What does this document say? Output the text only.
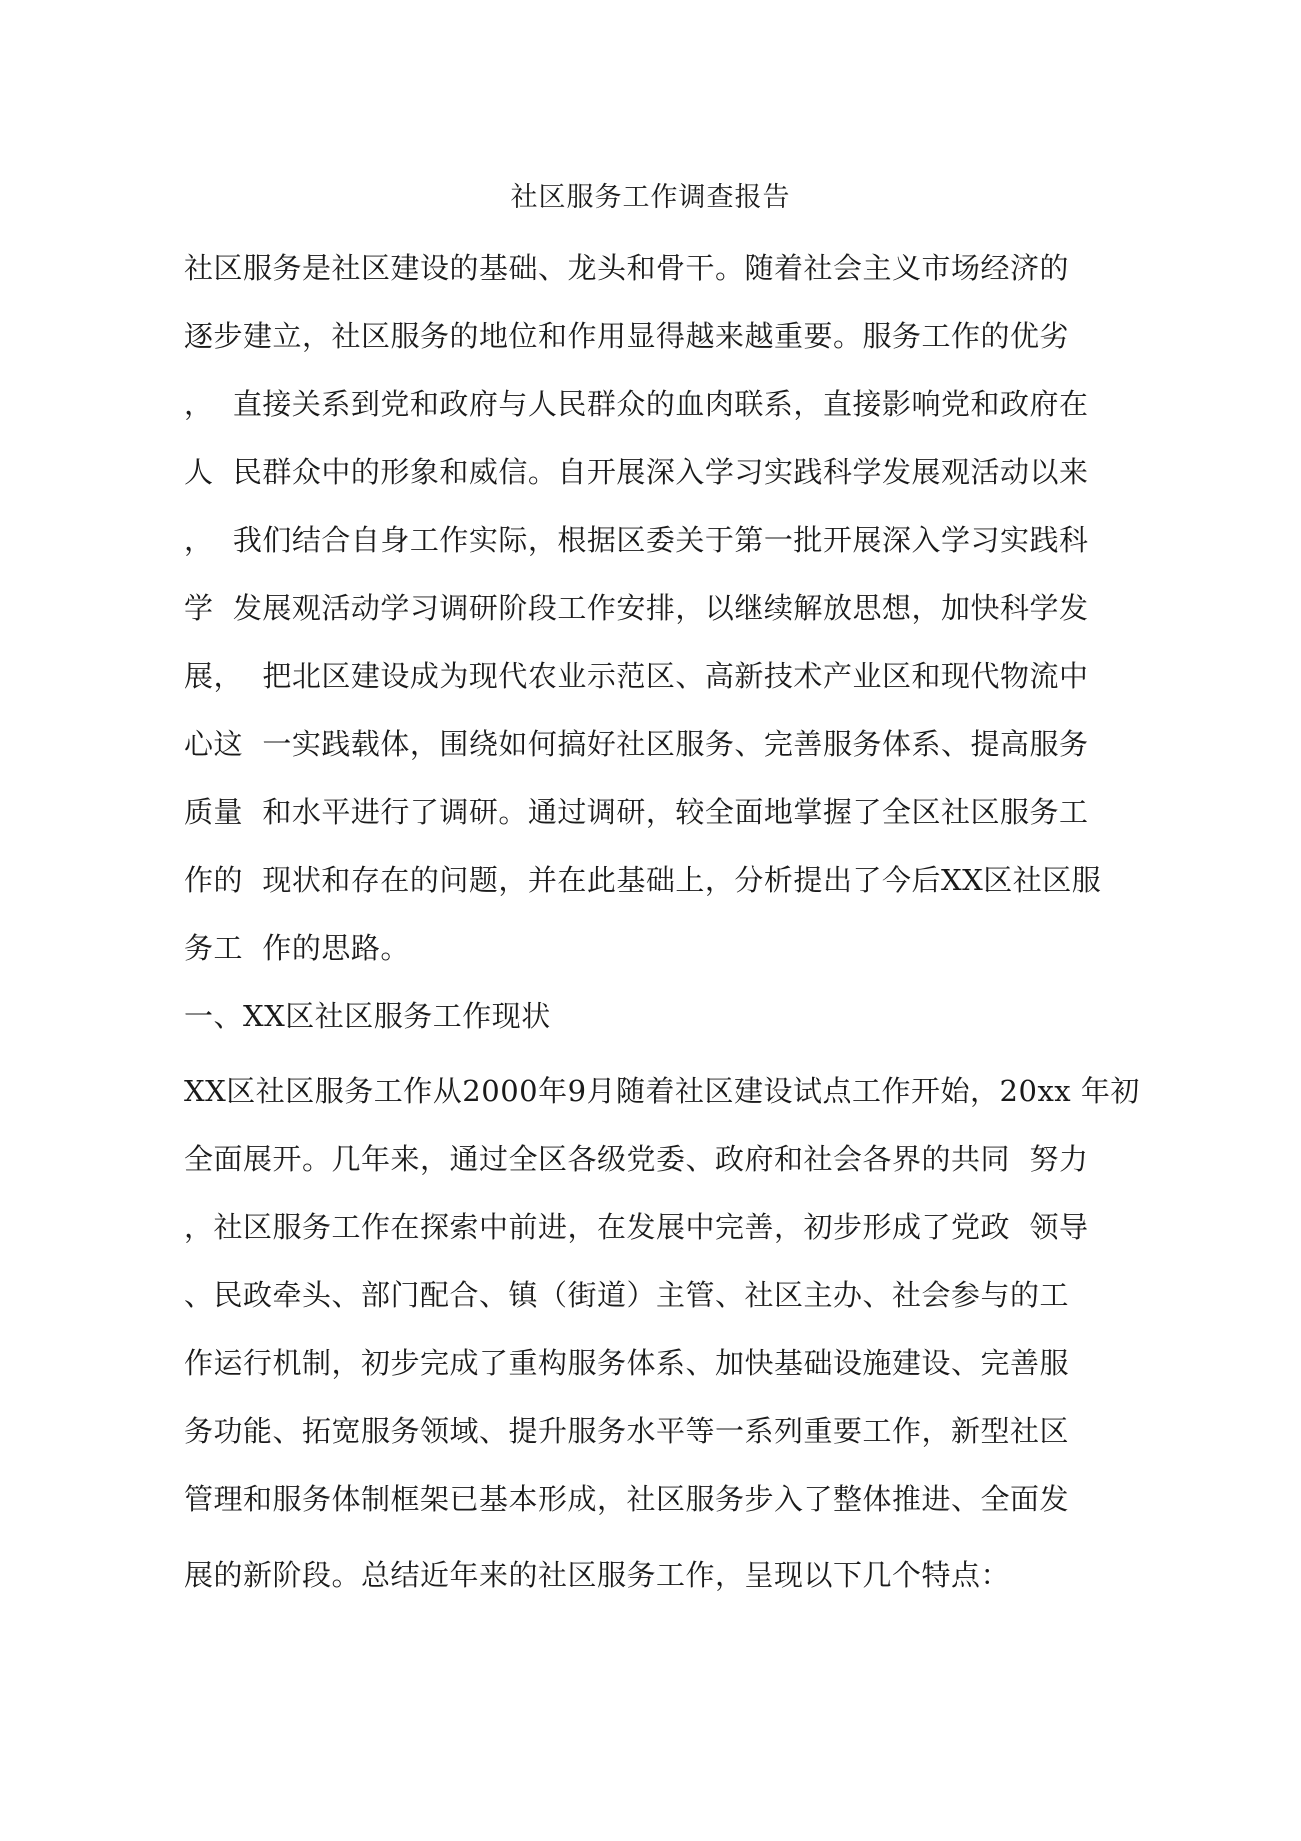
社区服务工作调查报告
社区服务是社区建设的基础、龙头和骨干。随着社会主义市场经济的
逐步建立，社区服务的地位和作用显得越来越重要。服务工作的优劣
，  直接关系到党和政府与人民群众的血肉联系，直接影响党和政府在
人  民群众中的形象和威信。自开展深入学习实践科学发展观活动以来
，  我们结合自身工作实际，根据区委关于第一批开展深入学习实践科
学  发展观活动学习调研阶段工作安排，以继续解放思想，加快科学发
展，  把北区建设成为现代农业示范区、高新技术产业区和现代物流中
心这  一实践载体，围绕如何搞好社区服务、完善服务体系、提高服务
质量  和水平进行了调研。通过调研，较全面地掌握了全区社区服务工
作的  现状和存在的问题，并在此基础上，分析提出了今后XX区社区服
务工  作的思路。
一、XX区社区服务工作现状
XX区社区服务工作从2000年9月随着社区建设试点工作开始，20xx 年初
全面展开。几年来，通过全区各级党委、政府和社会各界的共同  努力
，社区服务工作在探索中前进，在发展中完善，初步形成了党政  领导
、民政牵头、部门配合、镇（街道）主管、社区主办、社会参与的工
作运行机制，初步完成了重构服务体系、加快基础设施建设、完善服
务功能、拓宽服务领域、提升服务水平等一系列重要工作，新型社区
管理和服务体制框架已基本形成，社区服务步入了整体推进、全面发
展的新阶段。总结近年来的社区服务工作，呈现以下几个特点：
